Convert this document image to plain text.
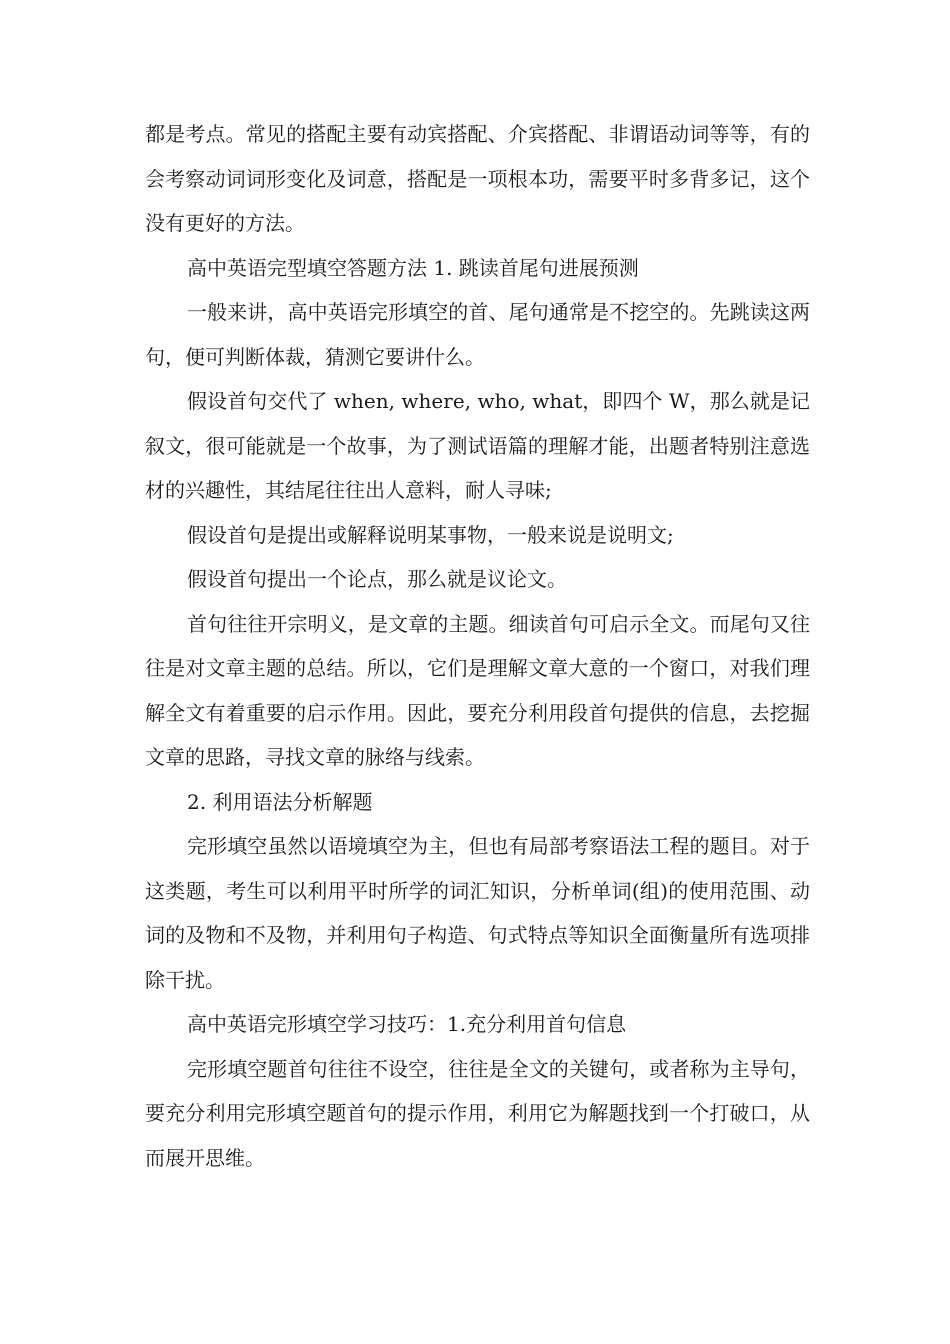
都是考点。常见的搭配主要有动宾搭配、介宾搭配、非谓语动词等等，有的会考察动词词形变化及词意，搭配是一项根本功，需要平时多背多记，这个没有更好的方法。

高中英语完型填空答题方法 1. 跳读首尾句进展预测

一般来讲，高中英语完形填空的首、尾句通常是不挖空的。先跳读这两句，便可判断体裁，猜测它要讲什么。

假设首句交代了 when, where, who, what，即四个 W，那么就是记叙文，很可能就是一个故事，为了测试语篇的理解才能，出题者特别注意选材的兴趣性，其结尾往往出人意料，耐人寻味;

假设首句是提出或解释说明某事物，一般来说是说明文;

假设首句提出一个论点，那么就是议论文。

首句往往开宗明义，是文章的主题。细读首句可启示全文。而尾句又往往是对文章主题的总结。所以，它们是理解文章大意的一个窗口，对我们理解全文有着重要的启示作用。因此，要充分利用段首句提供的信息，去挖掘文章的思路，寻找文章的脉络与线索。

2. 利用语法分析解题

完形填空虽然以语境填空为主，但也有局部考察语法工程的题目。对于这类题，考生可以利用平时所学的词汇知识，分析单词(组)的使用范围、动词的及物和不及物，并利用句子构造、句式特点等知识全面衡量所有选项排除干扰。

高中英语完形填空学习技巧：1.充分利用首句信息

完形填空题首句往往不设空，往往是全文的关键句，或者称为主导句，要充分利用完形填空题首句的提示作用，利用它为解题找到一个打破口，从而展开思维。
